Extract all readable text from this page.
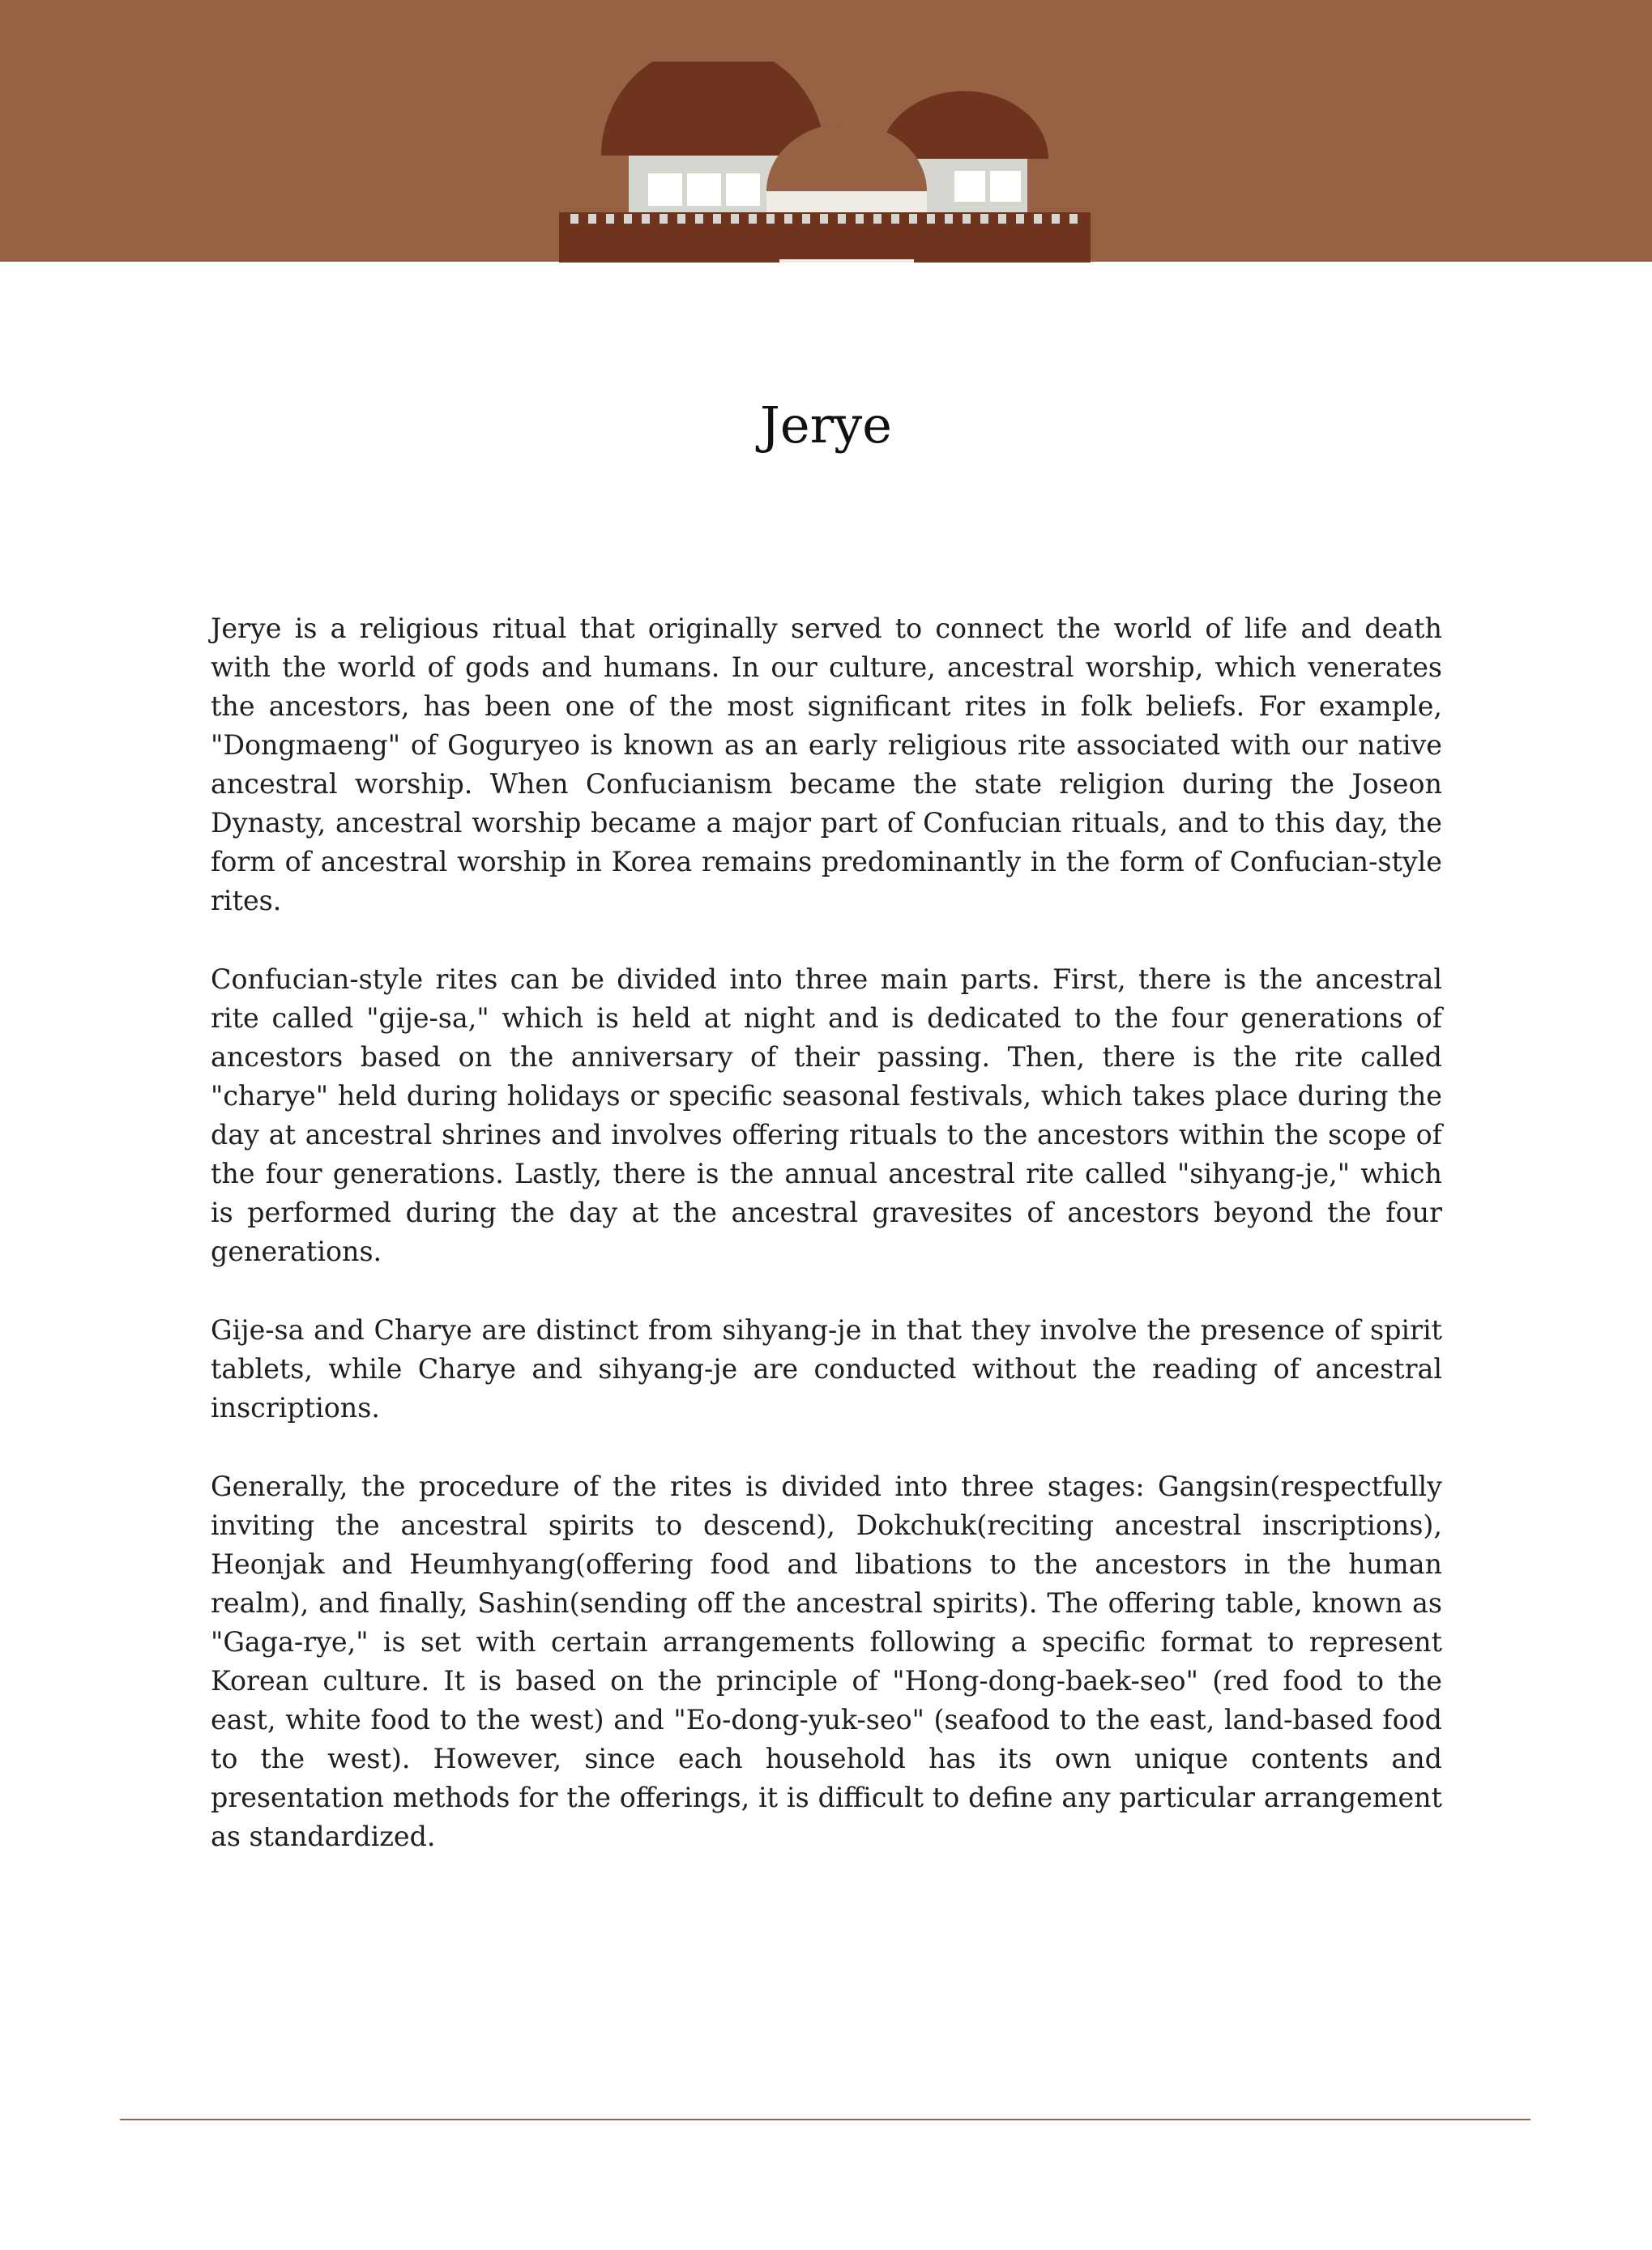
Jerye

Jerye is a religious ritual that originally served to connect the world of life and death with the world of gods and humans. In our culture, ancestral worship, which venerates the ancestors, has been one of the most significant rites in folk beliefs. For example, "Dongmaeng" of Goguryeo is known as an early religious rite associated with our native ancestral worship. When Confucianism became the state religion during the Joseon Dynasty, ancestral worship became a major part of Confucian rituals, and to this day, the form of ancestral worship in Korea remains predominantly in the form of Confucian-style rites.

Confucian-style rites can be divided into three main parts. First, there is the ancestral rite called "gije-sa," which is held at night and is dedicated to the four generations of ancestors based on the anniversary of their passing. Then, there is the rite called "charye" held during holidays or specific seasonal festivals, which takes place during the day at ancestral shrines and involves offering rituals to the ancestors within the scope of the four generations. Lastly, there is the annual ancestral rite called "sihyang-je," which is performed during the day at the ancestral gravesites of ancestors beyond the four generations.

Gije-sa and Charye are distinct from sihyang-je in that they involve the presence of spirit tablets, while Charye and sihyang-je are conducted without the reading of ancestral inscriptions.

Generally, the procedure of the rites is divided into three stages: Gangsin(respectfully inviting the ancestral spirits to descend), Dokchuk(reciting ancestral inscriptions), Heonjak and Heumhyang(offering food and libations to the ancestors in the human realm), and finally, Sashin(sending off the ancestral spirits). The offering table, known as "Gaga-rye," is set with certain arrangements following a specific format to represent Korean culture. It is based on the principle of "Hong-dong-baek-seo" (red food to the east, white food to the west) and "Eo-dong-yuk-seo" (seafood to the east, land-based food to the west). However, since each household has its own unique contents and presentation methods for the offerings, it is difficult to define any particular arrangement as standardized.
